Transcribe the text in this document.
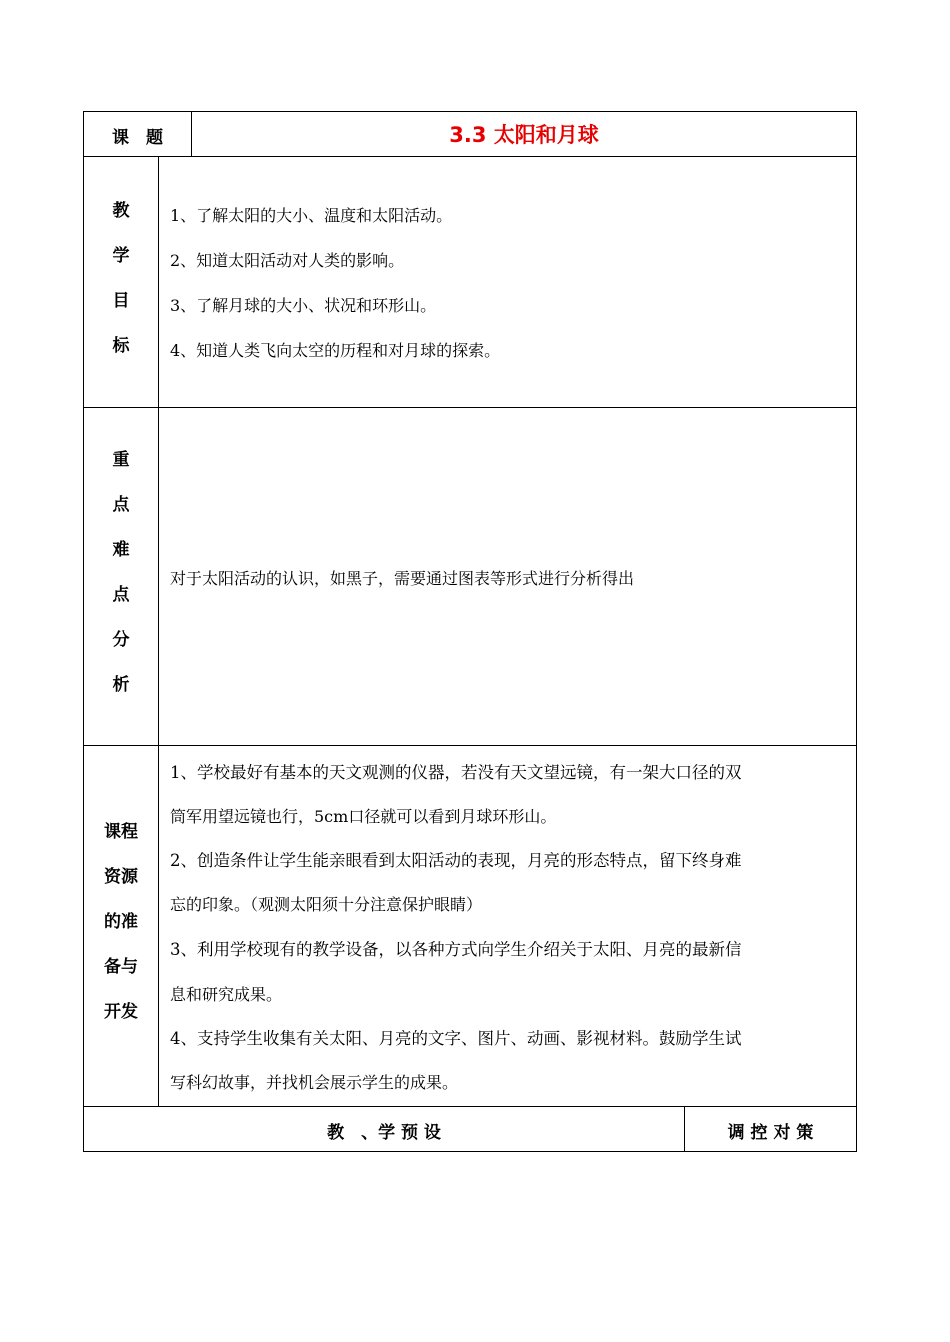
课　题	3.3 太阳和月球
教
学
目
标
1、了解太阳的大小、温度和太阳活动。
2、知道太阳活动对人类的影响。
3、了解月球的大小、状况和环形山。
4、知道人类飞向太空的历程和对月球的探索。
重
点
难
点
分
析
对于太阳活动的认识，如黑子，需要通过图表等形式进行分析得出
课程
资源
的准
备与
开发
1、学校最好有基本的天文观测的仪器，若没有天文望远镜，有一架大口径的双
筒军用望远镜也行，5cm口径就可以看到月球环形山。
2、创造条件让学生能亲眼看到太阳活动的表现，月亮的形态特点，留下终身难
忘的印象。（观测太阳须十分注意保护眼睛）
3、利用学校现有的教学设备，以各种方式向学生介绍关于太阳、月亮的最新信
息和研究成果。
4、支持学生收集有关太阳、月亮的文字、图片、动画、影视材料。鼓励学生试
写科幻故事，并找机会展示学生的成果。
教　、学 预 设	调 控 对 策
